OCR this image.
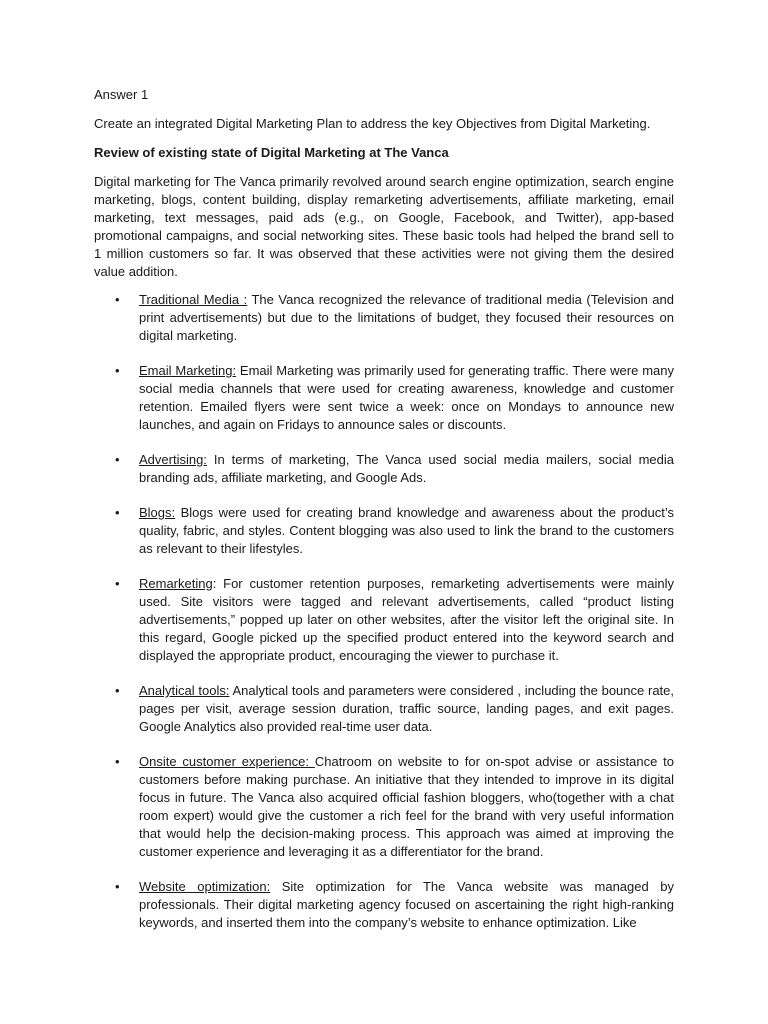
Answer 1

Create an integrated Digital Marketing Plan to address the key Objectives from Digital Marketing.

Review of existing state of Digital Marketing at The Vanca

Digital marketing for The Vanca primarily revolved around search engine optimization, search engine marketing, blogs, content building, display remarketing advertisements, affiliate marketing, email marketing, text messages, paid ads (e.g., on Google, Facebook, and Twitter), app-based promotional campaigns, and social networking sites. These basic tools had helped the brand sell to 1 million customers so far. It was observed that these activities were not giving them the desired value addition.

• Traditional Media : The Vanca recognized the relevance of traditional media (Television and print advertisements) but due to the limitations of budget, they focused their resources on digital marketing.
• Email Marketing: Email Marketing was primarily used for generating traffic. There were many social media channels that were used for creating awareness, knowledge and customer retention. Emailed flyers were sent twice a week: once on Mondays to announce new launches, and again on Fridays to announce sales or discounts.
• Advertising: In terms of marketing, The Vanca used social media mailers, social media branding ads, affiliate marketing, and Google Ads.
• Blogs: Blogs were used for creating brand knowledge and awareness about the product’s quality, fabric, and styles. Content blogging was also used to link the brand to the customers as relevant to their lifestyles.
• Remarketing: For customer retention purposes, remarketing advertisements were mainly used. Site visitors were tagged and relevant advertisements, called “product listing advertisements,” popped up later on other websites, after the visitor left the original site. In this regard, Google picked up the specified product entered into the keyword search and displayed the appropriate product, encouraging the viewer to purchase it.
• Analytical tools: Analytical tools and parameters were considered , including the bounce rate, pages per visit, average session duration, traffic source, landing pages, and exit pages. Google Analytics also provided real-time user data.
• Onsite customer experience: Chatroom on website to for on-spot advise or assistance to customers before making purchase. An initiative that they intended to improve in its digital focus in future. The Vanca also acquired official fashion bloggers, who(together with a chat room expert) would give the customer a rich feel for the brand with very useful information that would help the decision-making process. This approach was aimed at improving the customer experience and leveraging it as a differentiator for the brand.
• Website optimization: Site optimization for The Vanca website was managed by professionals. Their digital marketing agency focused on ascertaining the right high-ranking keywords, and inserted them into the company’s website to enhance optimization. Like
